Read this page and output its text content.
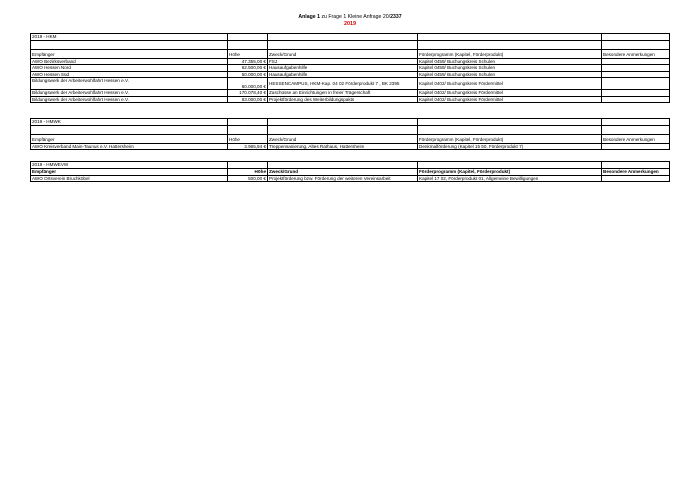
Anlage 1 zu Frage 1 Kleine Anfrage 20/2337
2019
2019 - HKM				

Empfänger	Höhe	Zweck/Grund	Förderprogramm (Kapitel, Förderprodukt)	Besondere Anmerkungen
AWO Bezirksverband	47.355,00 €	FSJ	Kapitel 0459/ Buchungskreis Schulen	
AWO Hessen Nord	62.500,00 €	Hausaufgabenhilfe	Kapitel 0459/ Buchungskreis Schulen	
AWO Hessen Süd	50.000,00 €	Hausaufgabenhilfe	Kapitel 0459/ Buchungskreis Schulen	
Bildungswerk der Arbeiterwohlfahrt Hessen e.V.	60.000,00 €	HESSENCAMPUS, HKM-Kap. 04 02 Förderprodukt 7 , BK 2395	Kapitel 0402/ Buchungskreis Fördermittel	
Bildungswerk der Arbeiterwohlfahrt Hessen e.V.	170.078,40 €	Zuschüsse an Einrichtungen in freier Trägerschaft	Kapitel 0402/ Buchungskreis Fördermittel	
Bildungswerk der Arbeiterwohlfahrt Hessen e.V.	83.000,00 €	Projektförderung des Weiterbildungspakts	Kapitel 0402/ Buchungskreis Fördermittel	
2019 - HMWK				

Empfänger	Höhe	Zweck/Grund	Förderprogramm (Kapitel, Förderprodukt)	Besondere Anmerkungen
AWO Kreisverband Main-Taunus e.V. Hattersheim	3.965,94 €	Treppensanierung, Altes Rathaus, Hattersheim	Denkmalförderung (Kapitel 15 50, Förderprodukt 7)	
2019 - HMWEVW				
Empfänger	Höhe	Zweck/Grund	Förderprogramm (Kapitel, Förderprodukt)	Besondere Anmerkungen
AWO Ortsverein Bruchköbel	500,00 €	Projektförderung bzw. Förderung der weiteren Vereinsarbeit	Kapitel 17 02, Förderprodukt 01, Allgemeine Bewilligungen	
